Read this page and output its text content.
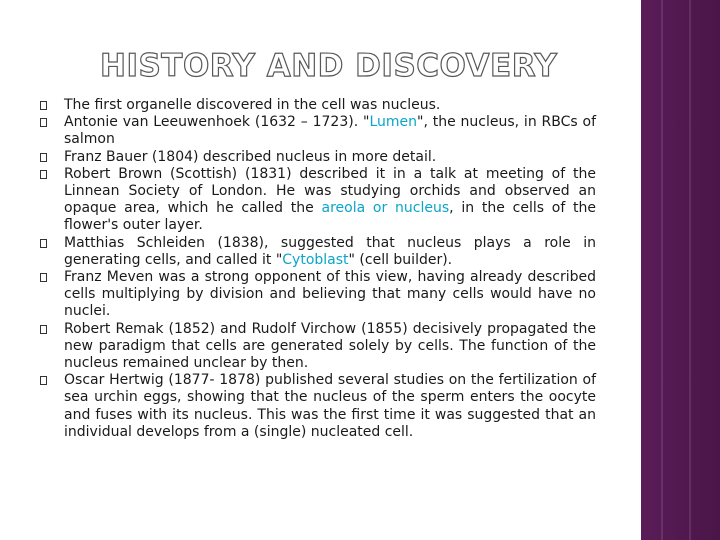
HISTORY AND DISCOVERY
The first organelle discovered in the cell was nucleus.
Antonie van Leeuwenhoek (1632 – 1723). "Lumen", the nucleus, in RBCs of salmon
Franz Bauer (1804) described nucleus in more detail.
Robert Brown (Scottish) (1831) described it in a talk at meeting of the Linnean Society of London. He was studying orchids and observed an opaque area, which he called the areola or nucleus, in the cells of the flower's outer layer.
Matthias Schleiden (1838), suggested that nucleus plays a role in generating cells, and called it "Cytoblast" (cell builder).
Franz Meven was a strong opponent of this view, having already described cells multiplying by division and believing that many cells would have no nuclei.
Robert Remak (1852) and Rudolf Virchow (1855) decisively propagated the new paradigm that cells are generated solely by cells. The function of the nucleus remained unclear by then.
Oscar Hertwig (1877- 1878) published several studies on the fertilization of sea urchin eggs, showing that the nucleus of the sperm enters the oocyte and fuses with its nucleus. This was the first time it was suggested that an individual develops from a (single) nucleated cell.
